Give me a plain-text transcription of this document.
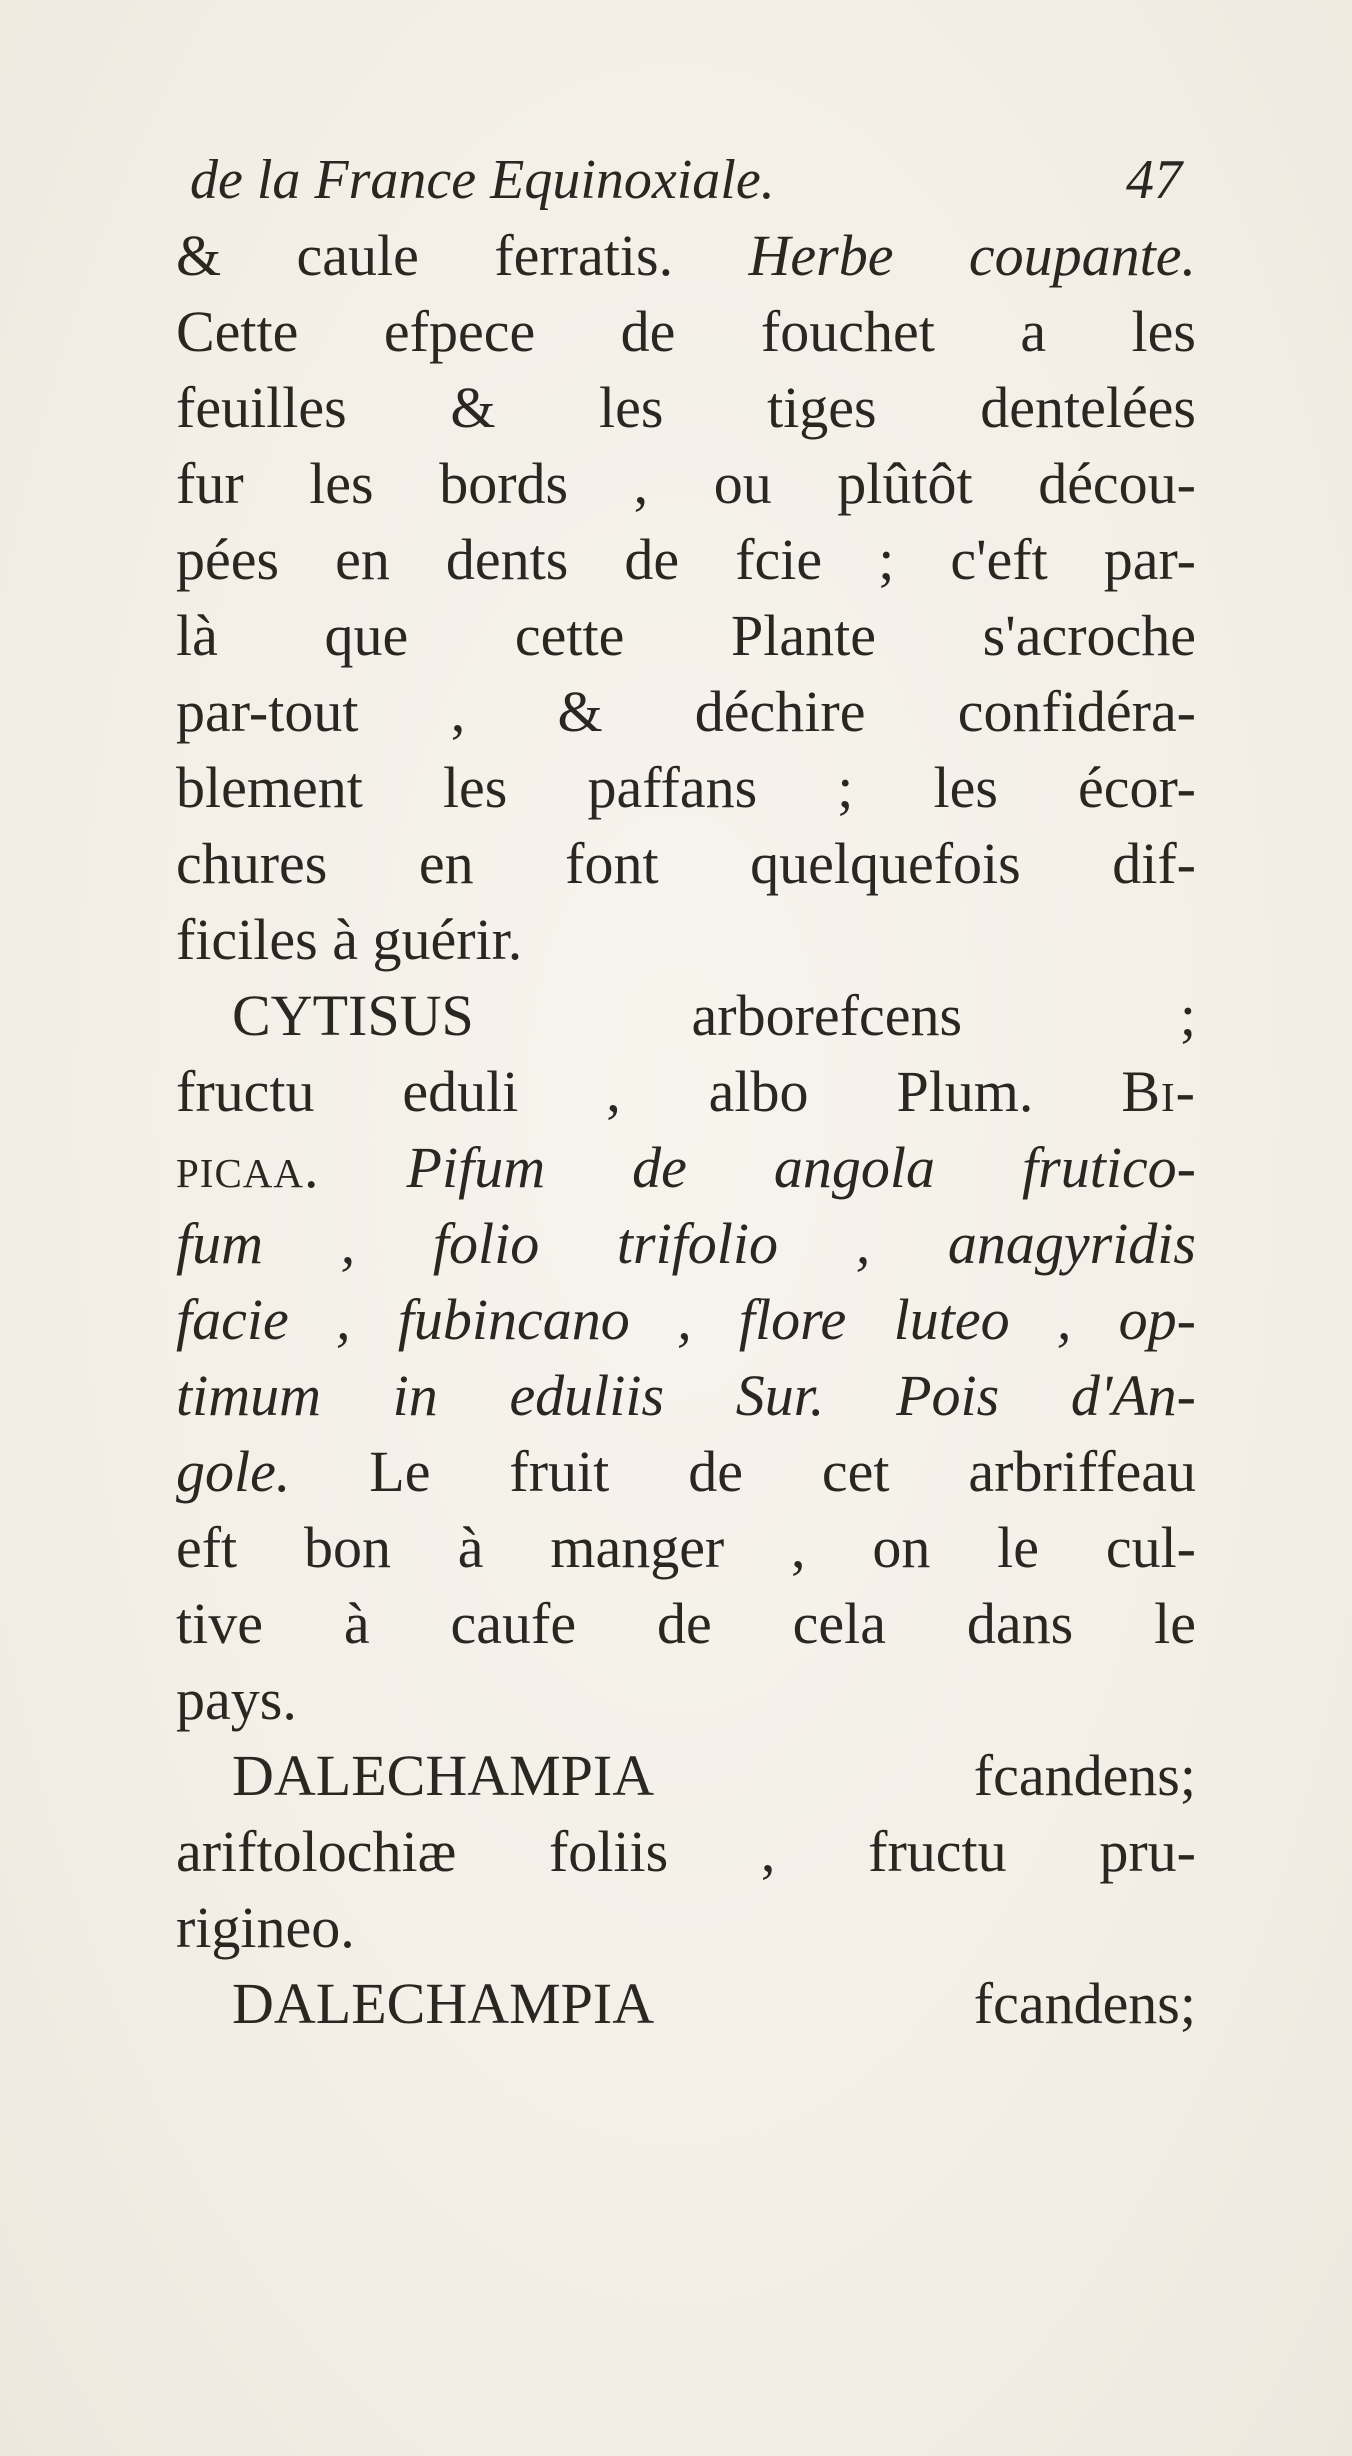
de la France Equinoxiale.	47
& caule ferratis. Herbe coupante.
Cette efpece de fouchet a les
feuilles & les tiges dentelées
fur les bords , ou plûtôt décou-
pées en dents de fcie ; c'eft par-
là que cette Plante s'acroche
par-tout , & déchire confidéra-
blement les paffans ; les écor-
chures en font quelquefois dif-
ficiles à guérir.
CYTISUS arborefcens ;
fructu eduli , albo Plum. Bi-
picaa. Pifum de angola frutico-
fum , folio trifolio , anagyridis
facie , fubincano , flore luteo , op-
timum in eduliis Sur. Pois d'An-
gole. Le fruit de cet arbriffeau
eft bon à manger , on le cul-
tive à caufe de cela dans le
pays.
DALECHAMPIA fcandens;
ariftolochiæ foliis , fructu pru-
rigineo.
DALECHAMPIA fcandens;
